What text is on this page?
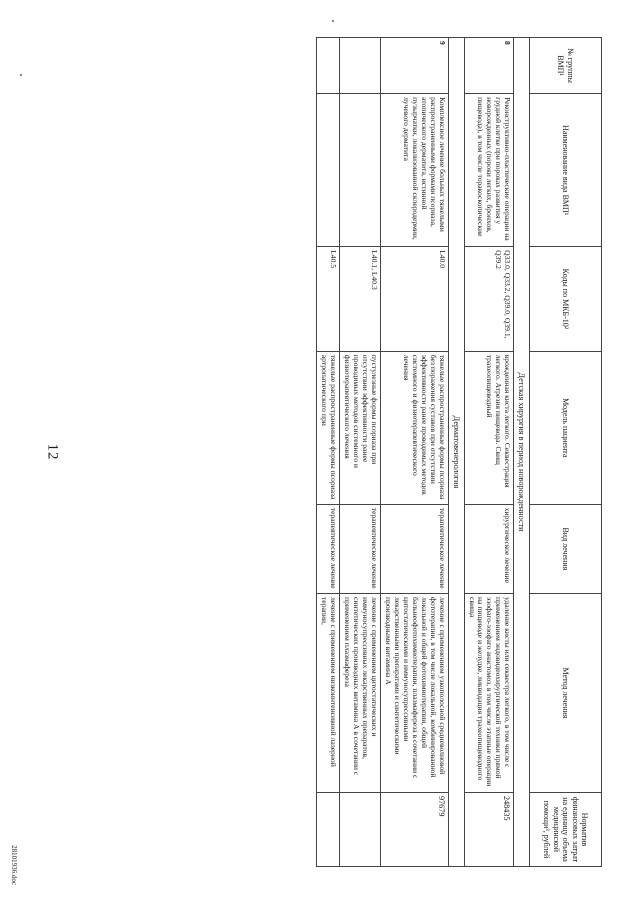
12
28101936.doc
№ группы ВМП¹	Наименование вида ВМП¹	Коды по МКБ-10²	Модель пациента	Вид лечения	Метод лечения	Норматив финансовых затрат на единицу объема медицинской помощи³, рублей
Детская хирургия в период новорожденности						
8	Реконструктивно-пластические операции на грудной клетке при пороках развития у новорожденных (пороки легких, бронхов, пищевода), в том числе торакоскопические	Q33.0, Q33.2, Q39.0, Q39.1, Q39.2	врожденная киста легкого. Секвестрация легкого. Атрезия пищевода. Свищ трахеопищеводный	хирургическое лечение	удаление кисты или секвестра легкого, в том числе с применением эндовидеохирургической техники прямой эзофаго-эзофаго анастомоз, в том числе этапные операции на пищеводе и желудке, ликвидация трахеопищеводного свища	248435
Дерматовенерология						
9	Комплексное лечение больных тяжелыми распространенными формами псориаза, атопического дерматита, истинной пузырчатки, локализованной склеродермии, лучевого дерматита	L40.0	тяжелые распространенные формы псориаза без поражения суставов при отсутствии эффективности ранее проводимых методов системного и физиотерапевтического лечения	терапевтическое лечение	лечение с применением узкополосной средневолновой фототерапии, в том числе локальной, комбинированной локальной и общей фотохимиотерапии, общей бальнеофотохимиотерапии, плазмафереза в сочетании с цитостатическими и иммуносупрессивными лекарственными препаратами и синтетическими производными витамина А	97679
		L40.1, L40.3	пустулезные формы псориаза при отсутствии эффективности ранее проводимых методов системного и физиотерапевтического лечения	терапевтическое лечение	лечение с применением цитостатических и иммуносупрессивных лекарственных препаратов, синтетических производных витамина А в сочетании с применением плазмафереза	
		L40.5	тяжелые распространенные формы псориаза артропатического при	терапевтическое лечение	лечение с применением низкоинтенсивной лазерной терапии,	
